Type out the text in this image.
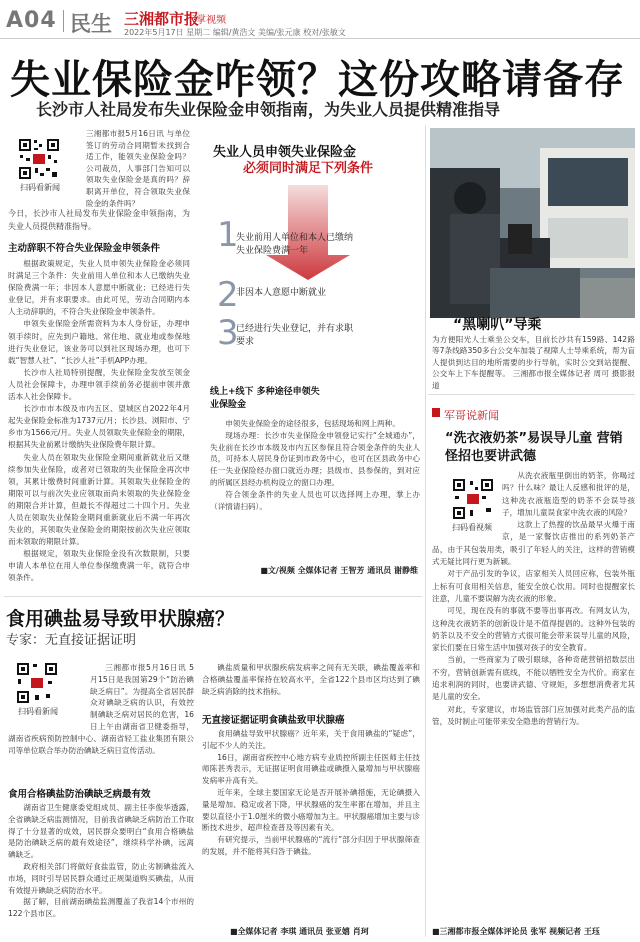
A04 民生 三湘都市报
·掌视频
2022年5月17日 星期二 编辑/黄浩文 美编/张元康 校对/张敏文
失业保险金咋领？这份攻略请备存
长沙市人社局发布失业保险金申领指南，为失业人员提供精准指导
扫码看新闻

三湘都市报5月16日讯 与单位签订的劳动合同期暂未找到合适工作，能领失业保险金吗？公司裁员，人事部门告知可以领取失业保险金是真的吗？辞职离开单位，符合领取失业保险金的条件吗？

今日，长沙市人社局发布失业保险金申领指南，为失业人员提供精准指导。

主动辞职不符合失业保险金申领条件

根据政策规定，失业人员申领失业保险金必须同时满足三个条件：失业前用人单位和本人已缴纳失业保险费满一年；非因本人意愿中断就业；已经进行失业登记，并有求职要求。由此可见，劳动合同期内本人主动辞职的，不符合失业保险金申领条件。

申领失业保险金所需资料为本人身份证，办理申领手续时，应先到户籍地、常住地、就业地或参保地进行失业登记，该业务可以到社区现场办理，也可下载“智慧人社”、“长沙人社”手机APP办理。

长沙市人社局特别提醒，失业保险金发放至领金人员社会保障卡，办理申领手续前务必提前申领并激活本人社会保障卡。

长沙市市本级及市内五区、望城区自2022年4月起失业保险金标准为1737元/月；长沙县、浏阳市、宁乡市为1566元/月。失业人员领取失业保险金的期限，根据其失业前累计缴纳失业保险费年限计算。

失业人员在领取失业保险金期间重新就业后又继续参加失业保险，或者对已领取的失业保险金再次申领，其累计缴费时间重新计算。其领取失业保险金的期限可以与前次失业应领取而尚未领取的失业保险金的期限合并计算，但最长不得超过二十四个月。失业人员在领取失业保险金期间重新就业后不满一年再次失业的，其领取失业保险金的期限按前次失业应领取而未领取的期限计算。

根据规定，领取失业保险金没有次数限制，只要申请人本单位在用人单位参保缴费满一年，就符合申领条件。

失业人员申领失业保险金
必须同时满足下列条件
1
失业前用人单位和本人已缴纳失业保险费满一年
2
非因本人意愿中断就业
3
已经进行失业登记，并有求职要求
线上+线下 多种途径申领失业保险金

申领失业保险金的途径很多，包括现场和网上两种。

现场办理：长沙市失业保险金申领登记实行“全城通办”，失业前在长沙市本级及市内五区参保且符合领金条件的失业人员，可持本人居民身份证到市政务中心，也可在区县政务中心任一失业保险经办窗口就近办理；县级市、县参保的，到对应的所属区县经办机构设立的窗口办理。

符合领金条件的失业人员也可以选择网上办理，掌上办（详情请扫码）。

■文/视频 全媒体记者 王智芳 通讯员 谢静维
“黑喇叭”导乘

为方便阳光人士乘坐公交车，目前长沙共有159路、142路等7条线路350多台公交车加装了视障人士导乘系统，帮为盲人提供到达目的地所需要的步行导航，实时公交到站提醒、公交车上下车提醒等。 三湘都市报全媒体记者 周可 摄影报道
军哥说新闻
“洗衣液奶茶”易误导儿童 营销怪招也要讲武德
扫码看视频

从洗衣液瓶里倒出的奶茶，你喝过吗？什么味？最让人反感和批评的是，这种洗衣液瓶造型的奶茶不会误导孩子，增加儿童误食家中洗衣液的风险？

这款上了热搜的饮品最早火爆于南京，是一家餐饮店推出的系列奶茶产品，由于其包装用类，吸引了年轻人的关注，这样的营销模式无疑比同行更为新颖。

对于产品引发的争议，店家相关人员回应称，包装外瓶上标有可食用相关信息，能安全放心饮用。同时也提醒家长注意，儿童不要误解为洗衣液的形象。

可见，现在没有的事就不要等出事再改。有网友认为，这种洗衣液奶茶的创新设计是不值得提倡的。这种外包装的奶茶以及不安全的营销方式很可能会带来误导儿童的风险，家长们要在日常生活中加强对孩子的安全教育。

当前，一些商家为了吸引眼球，各种奇葩营销招数层出不穷，营销创新需有底线，不能以牺牲安全为代价。商家在追求利润的同时，也要讲武德、守规矩，多想想消费者尤其是儿童的安全。

对此，专家建议，市场监管部门应加强对此类产品的监管，及时制止可能带来安全隐患的营销行为。

■三湘都市报全媒体评论员 张军 视频记者 王珏
食用碘盐易导致甲状腺癌？
专家：无直接证据证明
扫码看新闻

三湘都市报5月16日讯 5月15日是我国第29个“防治碘缺乏病日”。为提高全省居民群众对碘缺乏病的认识，有效控制碘缺乏病对居民的危害，16日上午由湖南省卫健委指导，湖南省疾病预防控制中心、湖南省轻工盐业集团有限公司等单位联合举办防治碘缺乏病日宣传活动。

食用合格碘盐防治碘缺乏病最有效

湖南省卫生健康委党组成员、副主任李俊华透露，全省碘缺乏病监测情况，目前我省碘缺乏病防治工作取得了十分显著的成效，居民群众要明白“食用合格碘盐是防治碘缺乏病的最有效途径”，继续科学补碘，远离碘缺乏。

政府相关部门将做好食盐监管，防止劣制碘盐流入市场，同时引导居民群众通过正规渠道购买碘盐，从而有效提升碘缺乏病防治水平。

据了解，目前湖南碘盐监测覆盖了我省14个市州的122个县市区。

碘盐质量和甲状腺疾病发病率之间有无关联，碘盐覆盖率和合格碘盐覆盖率保持在较高水平，全省122个县市区均达到了碘缺乏病消除的技术指标。

无直接证据证明食碘盐致甲状腺癌

食用碘盐导致甲状腺癌？近年来，关于食用碘盐的“疑虑”，引起不少人的关注。

16日，湖南省疾控中心地方病专业质控所副主任医师主任技师陈甚秀表示，无证据证明食用碘盐或碘摄入量增加与甲状腺癌发病率升高有关。

近年来，全球主要国家无论是否开展补碘措施，无论碘摄入量是增加、稳定或者下降，甲状腺癌的发生率都在增加，并且主要以直径小于1.0厘米的微小癌增加为主。甲状腺癌增加主要与诊断技术进步、超声检查普及等因素有关。

有研究提示，当前甲状腺癌的“流行”部分归因于甲状腺筛查的发展，并不能将其归咎于碘盐。

■全媒体记者 李琪 通讯员 张亚嬉 肖珂
